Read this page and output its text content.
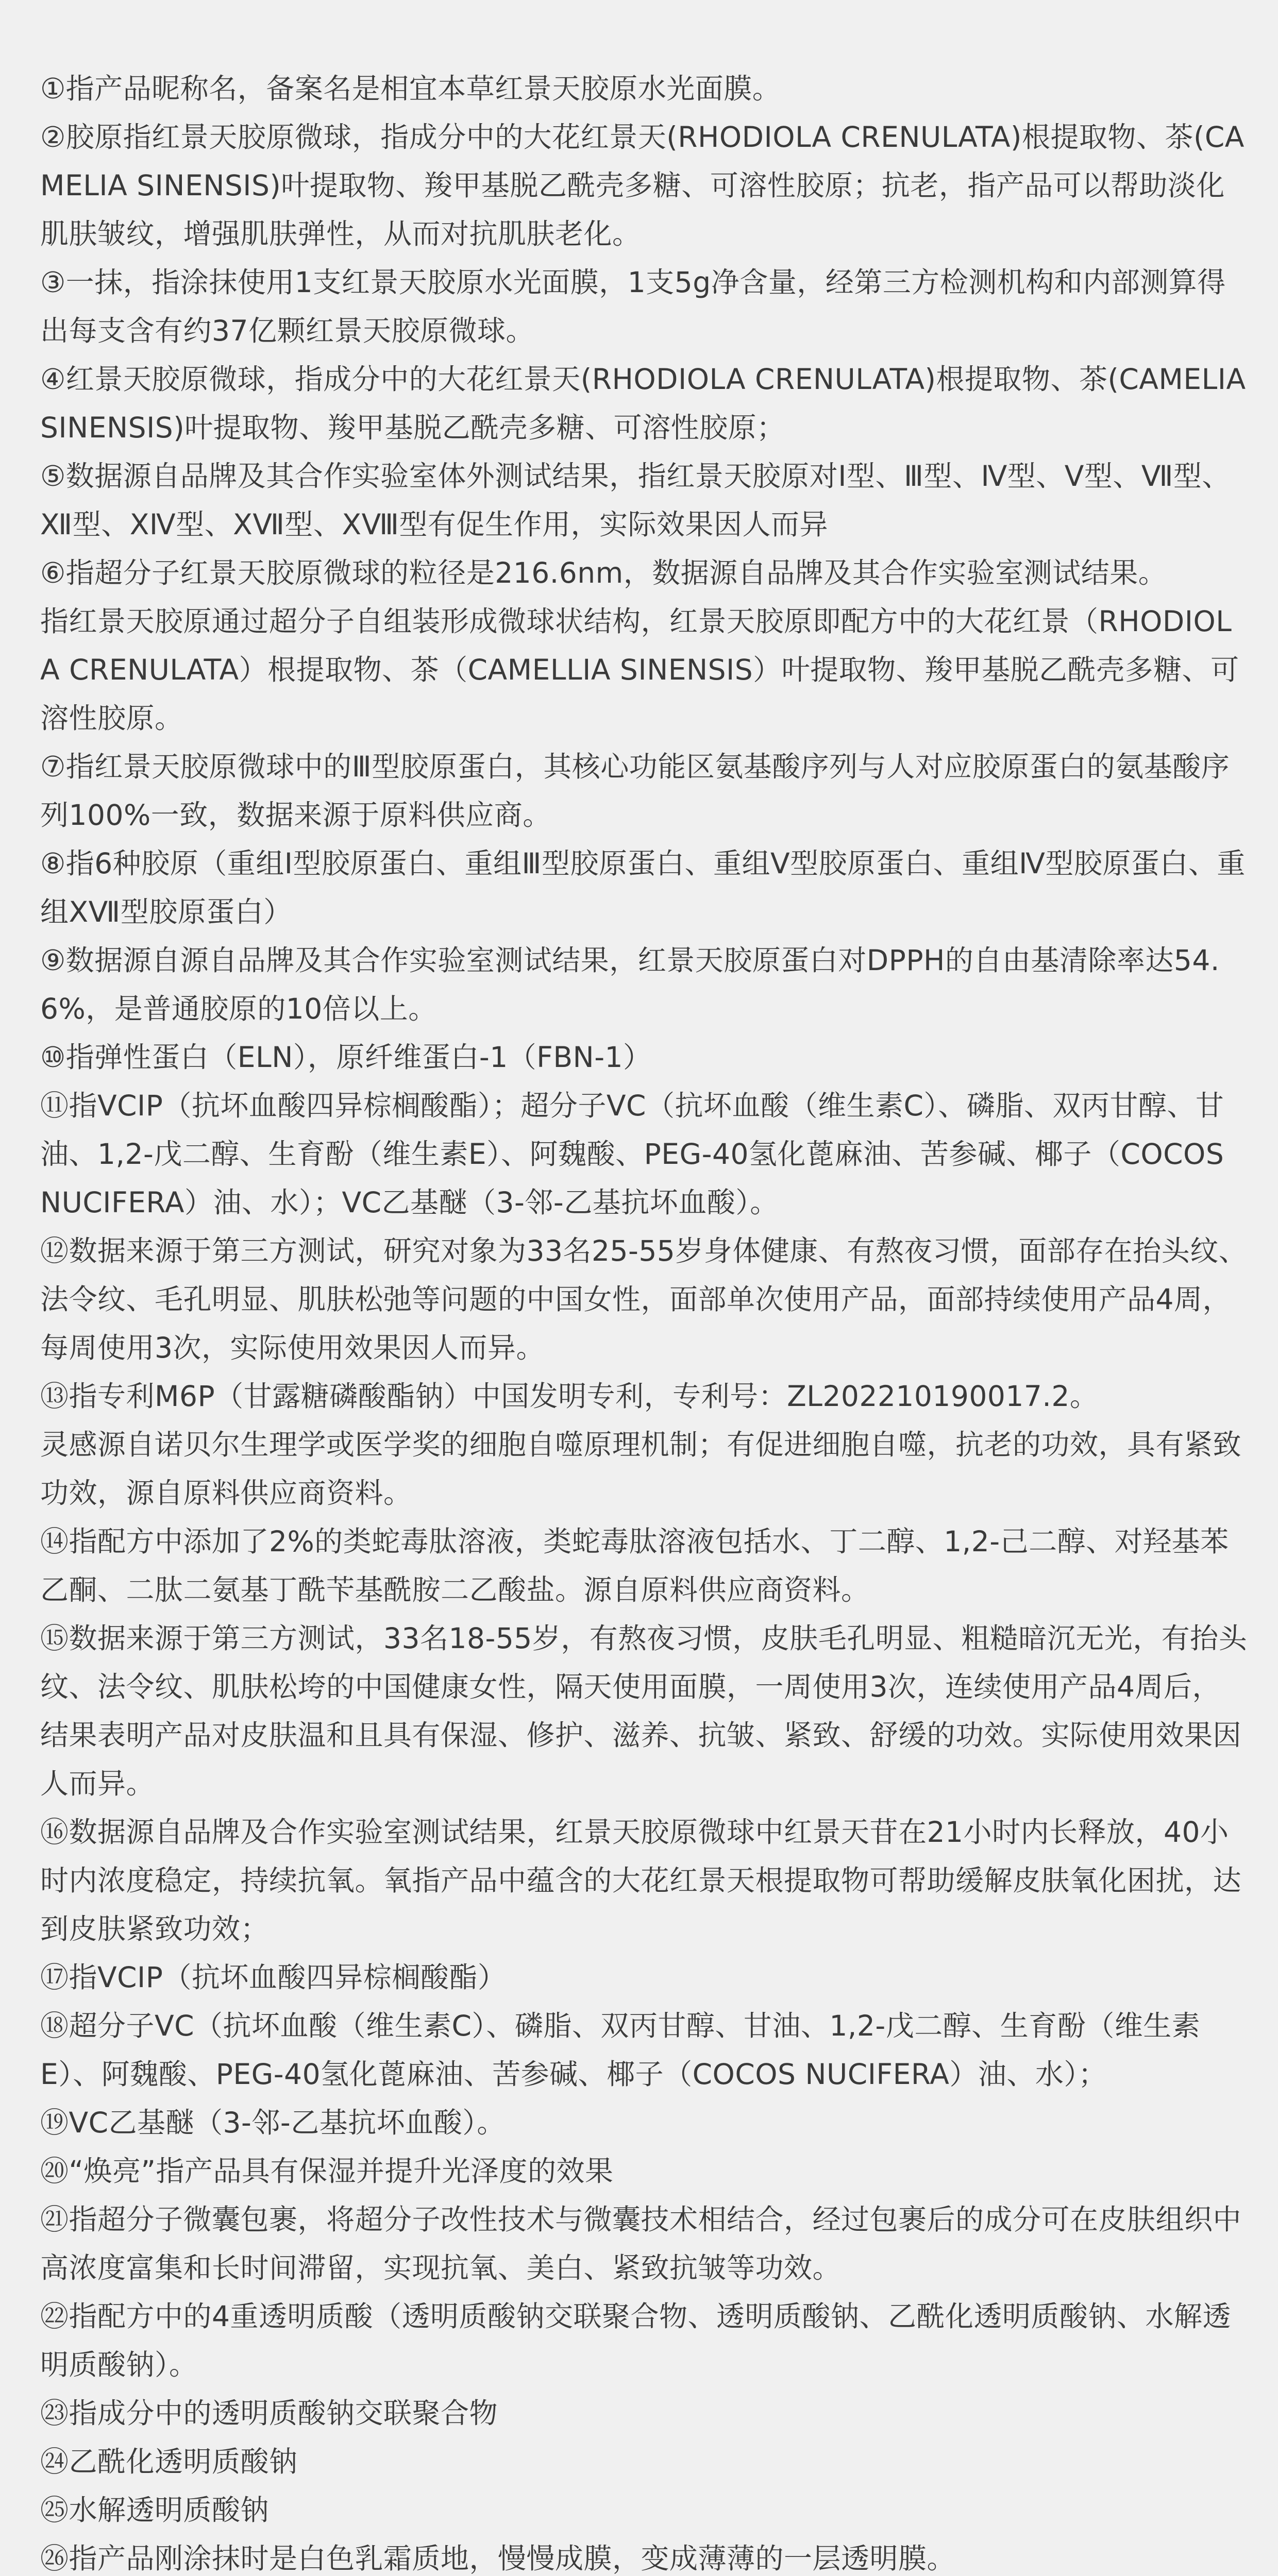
①指产品昵称名，备案名是相宜本草红景天胶原水光面膜。

②胶原指红景天胶原微球，指成分中的大花红景天(RHODIOLA CRENULATA)根提取物、茶(CAMELIA SINENSIS)叶提取物、羧甲基脱乙酰壳多糖、可溶性胶原；抗老，指产品可以帮助淡化肌肤皱纹，增强肌肤弹性，从而对抗肌肤老化。

③一抹，指涂抹使用1支红景天胶原水光面膜，1支5g净含量，经第三方检测机构和内部测算得出每支含有约37亿颗红景天胶原微球。

④红景天胶原微球，指成分中的大花红景天(RHODIOLA CRENULATA)根提取物、茶(CAMELIA SINENSIS)叶提取物、羧甲基脱乙酰壳多糖、可溶性胶原；

⑤数据源自品牌及其合作实验室体外测试结果，指红景天胶原对Ⅰ型、Ⅲ型、Ⅳ型、Ⅴ型、Ⅶ型、Ⅻ型、XⅣ型、XⅦ型、XⅧ型有促生作用，实际效果因人而异

⑥指超分子红景天胶原微球的粒径是216.6nm，数据源自品牌及其合作实验室测试结果。

指红景天胶原通过超分子自组装形成微球状结构，红景天胶原即配方中的大花红景（RHODIOLA CRENULATA）根提取物、茶（CAMELLIA SINENSIS）叶提取物、羧甲基脱乙酰壳多糖、可溶性胶原。

⑦指红景天胶原微球中的Ⅲ型胶原蛋白，其核心功能区氨基酸序列与人对应胶原蛋白的氨基酸序列100%一致，数据来源于原料供应商。

⑧指6种胶原（重组Ⅰ型胶原蛋白、重组Ⅲ型胶原蛋白、重组Ⅴ型胶原蛋白、重组Ⅳ型胶原蛋白、重组XⅦ型胶原蛋白）

⑨数据源自源自品牌及其合作实验室测试结果，红景天胶原蛋白对DPPH的自由基清除率达54.6%，是普通胶原的10倍以上。

⑩指弹性蛋白（ELN），原纤维蛋白-1（FBN-1）

⑪指VCIP（抗坏血酸四异棕榈酸酯）；超分子VC（抗坏血酸（维生素C）、磷脂、双丙甘醇、甘油、1,2-戊二醇、生育酚（维生素E）、阿魏酸、PEG-40氢化蓖麻油、苦参碱、椰子（COCOS NUCIFERA）油、水）；VC乙基醚（3-邻-乙基抗坏血酸）。

⑫数据来源于第三方测试，研究对象为33名25-55岁身体健康、有熬夜习惯，面部存在抬头纹、法令纹、毛孔明显、肌肤松弛等问题的中国女性，面部单次使用产品，面部持续使用产品4周，每周使用3次，实际使用效果因人而异。

⑬指专利M6P（甘露糖磷酸酯钠）中国发明专利，专利号：ZL202210190017.2。

灵感源自诺贝尔生理学或医学奖的细胞自噬原理机制；有促进细胞自噬，抗老的功效，具有紧致功效，源自原料供应商资料。

⑭指配方中添加了2%的类蛇毒肽溶液，类蛇毒肽溶液包括水、丁二醇、1,2-己二醇、对羟基苯乙酮、二肽二氨基丁酰苄基酰胺二乙酸盐。源自原料供应商资料。

⑮数据来源于第三方测试，33名18-55岁，有熬夜习惯，皮肤毛孔明显、粗糙暗沉无光，有抬头纹、法令纹、肌肤松垮的中国健康女性，隔天使用面膜，一周使用3次，连续使用产品4周后，结果表明产品对皮肤温和且具有保湿、修护、滋养、抗皱、紧致、舒缓的功效。实际使用效果因人而异。

⑯数据源自品牌及合作实验室测试结果，红景天胶原微球中红景天苷在21小时内长释放，40小时内浓度稳定，持续抗氧。氧指产品中蕴含的大花红景天根提取物可帮助缓解皮肤氧化困扰，达到皮肤紧致功效；

⑰指VCIP（抗坏血酸四异棕榈酸酯）

⑱超分子VC（抗坏血酸（维生素C）、磷脂、双丙甘醇、甘油、1,2-戊二醇、生育酚（维生素E）、阿魏酸、PEG-40氢化蓖麻油、苦参碱、椰子（COCOS NUCIFERA）油、水）；

⑲VC乙基醚（3-邻-乙基抗坏血酸）。

⑳“焕亮”指产品具有保湿并提升光泽度的效果

㉑指超分子微囊包裹，将超分子改性技术与微囊技术相结合，经过包裹后的成分可在皮肤组织中高浓度富集和长时间滞留，实现抗氧、美白、紧致抗皱等功效。

㉒指配方中的4重透明质酸（透明质酸钠交联聚合物、透明质酸钠、乙酰化透明质酸钠、水解透明质酸钠）。

㉓指成分中的透明质酸钠交联聚合物

㉔乙酰化透明质酸钠

㉕水解透明质酸钠

㉖指产品刚涂抹时是白色乳霜质地，慢慢成膜，变成薄薄的一层透明膜。
